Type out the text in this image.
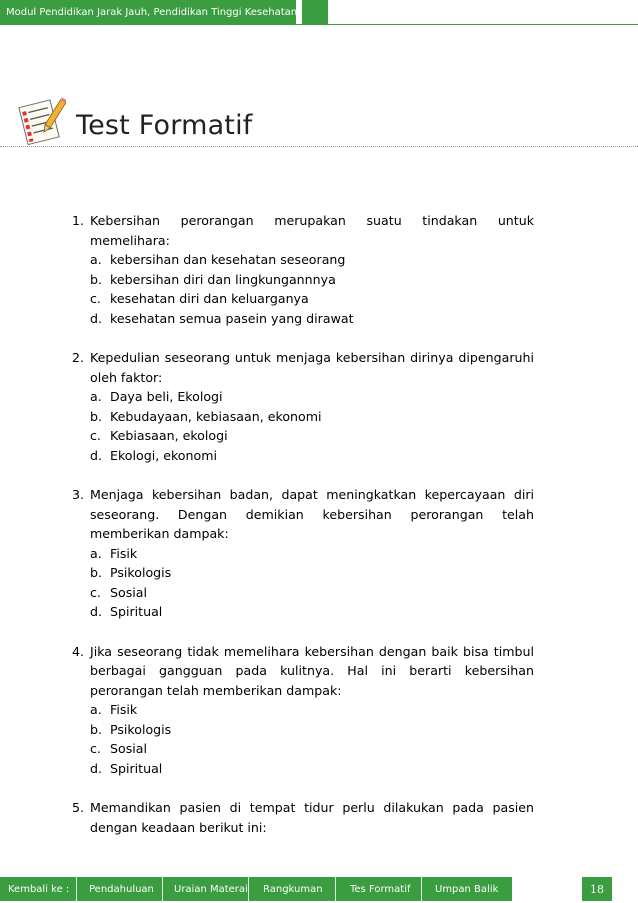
Modul Pendidikan Jarak Jauh, Pendidikan Tinggi Kesehatan
Test Formatif
1. Kebersihan perorangan merupakan suatu tindakan untuk memelihara:
a. kebersihan dan kesehatan seseorang
b. kebersihan diri dan lingkungannnya
c. kesehatan diri dan keluarganya
d. kesehatan semua pasein yang dirawat
2. Kepedulian seseorang untuk menjaga kebersihan dirinya dipengaruhi oleh faktor:
a. Daya beli, Ekologi
b. Kebudayaan, kebiasaan, ekonomi
c. Kebiasaan, ekologi
d. Ekologi, ekonomi
3. Menjaga kebersihan badan, dapat meningkatkan kepercayaan diri seseorang. Dengan demikian kebersihan perorangan telah memberikan dampak:
a. Fisik
b. Psikologis
c. Sosial
d. Spiritual
4. Jika seseorang tidak memelihara kebersihan dengan baik bisa timbul berbagai gangguan pada kulitnya. Hal ini berarti kebersihan perorangan telah memberikan dampak:
a. Fisik
b. Psikologis
c. Sosial
d. Spiritual
5. Memandikan pasien di tempat tidur perlu dilakukan pada pasien dengan keadaan berikut ini:
Kembali ke :	Pendahuluan	Uraian Materai	Rangkuman	Tes Formatif	Umpan Balik	18
